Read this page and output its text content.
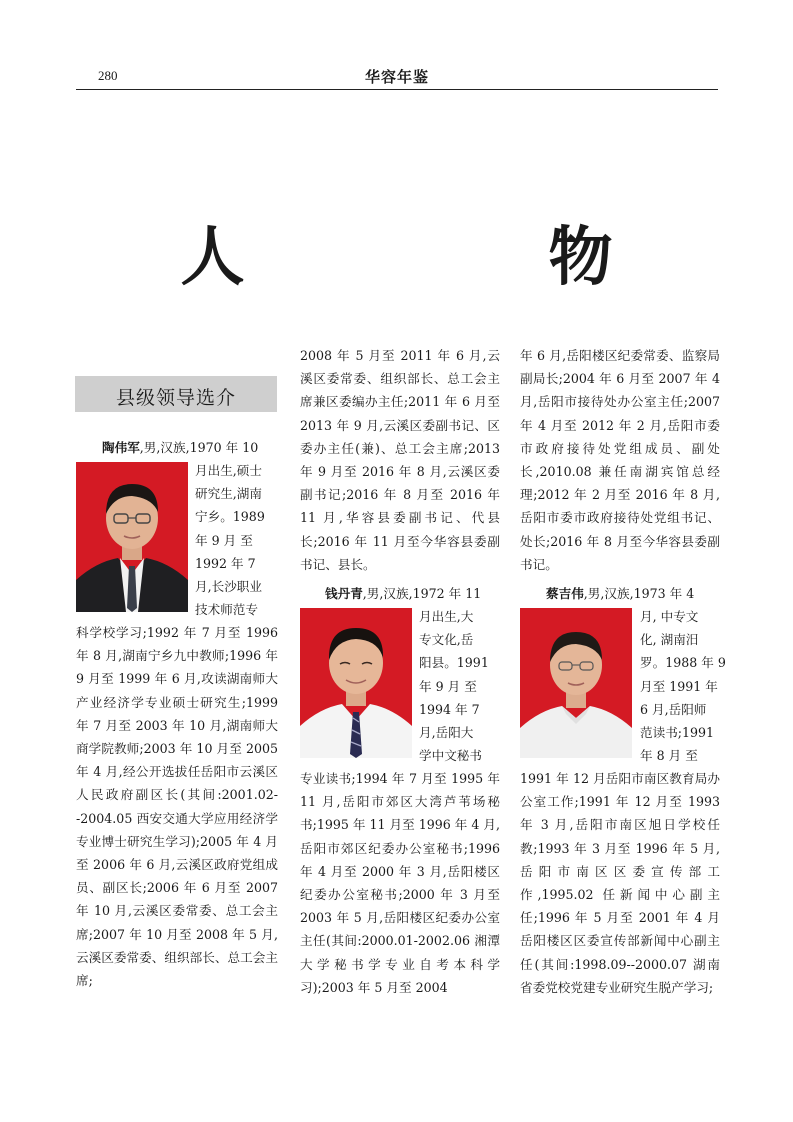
280	华容年鉴
人　物
县级领导选介
陶伟军,男,汉族,1970 年 10
月出生,硕士
研究生,湖南
宁乡。1989
年 9 月 至
1992 年 7
月,长沙职业
技术师范专

科学校学习;1992 年 7 月至 1996 年 8 月,湖南宁乡九中教师;1996 年 9 月至 1999 年 6 月,攻读湖南师大产业经济学专业硕士研究生;1999 年 7 月至 2003 年 10 月,湖南师大商学院教师;2003 年 10 月至 2005 年 4 月,经公开选拔任岳阳市云溪区人民政府副区长(其间:2001.02--2004.05 西安交通大学应用经济学专业博士研究生学习);2005 年 4 月至 2006 年 6 月,云溪区政府党组成员、副区长;2006 年 6 月至 2007 年 10 月,云溪区委常委、总工会主席;2007 年 10 月至 2008 年 5 月,云溪区委常委、组织部长、总工会主席;

2008 年 5 月至 2011 年 6 月,云溪区委常委、组织部长、总工会主席兼区委编办主任;2011 年 6 月至 2013 年 9 月,云溪区委副书记、区委办主任(兼)、总工会主席;2013 年 9 月至 2016 年 8 月,云溪区委副书记;2016 年 8 月至 2016 年 11 月,华容县委副书记、代县长;2016 年 11 月至今华容县委副书记、县长。

钱丹青,男,汉族,1972 年 11
月出生,大
专文化,岳
阳县。1991
年 9 月 至
1994 年 7
月,岳阳大
学中文秘书

专业读书;1994 年 7 月至 1995 年 11 月,岳阳市郊区大湾芦苇场秘书;1995 年 11 月至 1996 年 4 月,岳阳市郊区纪委办公室秘书;1996 年 4 月至 2000 年 3 月,岳阳楼区纪委办公室秘书;2000 年 3 月至 2003 年 5 月,岳阳楼区纪委办公室主任(其间:2000.01-2002.06 湘潭大学秘书学专业自考本科学习);2003 年 5 月至 2004

年 6 月,岳阳楼区纪委常委、监察局副局长;2004 年 6 月至 2007 年 4 月,岳阳市接待处办公室主任;2007 年 4 月至 2012 年 2 月,岳阳市委市政府接待处党组成员、副处长,2010.08 兼任南湖宾馆总经理;2012 年 2 月至 2016 年 8 月,岳阳市委市政府接待处党组书记、处长;2016 年 8 月至今华容县委副书记。

蔡吉伟,男,汉族,1973 年 4
月, 中专文
化, 湖南汨
罗。1988 年 9
月至 1991 年
6 月,岳阳师
范读书;1991
年 8 月 至

1991 年 12 月岳阳市南区教育局办公室工作;1991 年 12 月至 1993 年 3 月,岳阳市南区旭日学校任教;1993 年 3 月至 1996 年 5 月,岳阳市南区区委宣传部工作,1995.02 任新闻中心副主任;1996 年 5 月至 2001 年 4 月岳阳楼区区委宣传部新闻中心副主任(其间:1998.09--2000.07 湖南省委党校党建专业研究生脱产学习;
